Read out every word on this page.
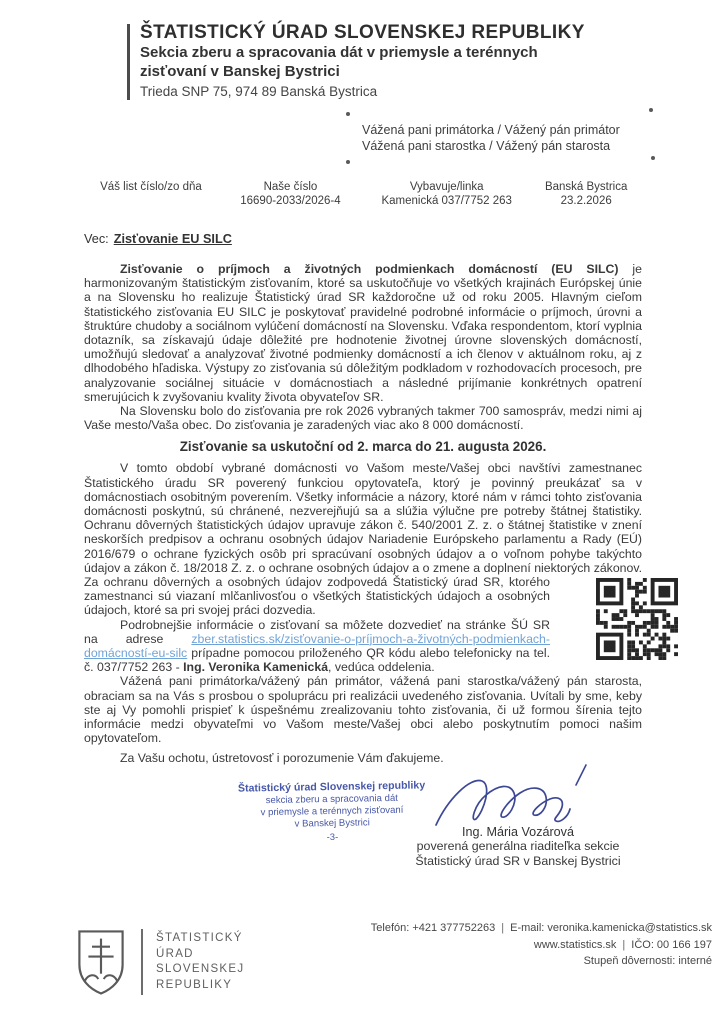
ŠTATISTICKÝ ÚRAD SLOVENSKEJ REPUBLIKY
Sekcia zberu a spracovania dát v priemysle a terénnych
zisťovaní v Banskej Bystrici
Trieda SNP 75, 974 89 Banská Bystrica
Vážená pani primátorka / Vážený pán primátor
Vážená pani starostka / Vážený pán starosta
Váš list číslo/zo dňa	Naše číslo
16690-2033/2026-4
Vybavuje/linka
Kamenická 037/7752 263
Banská Bystrica
23.2.2026
Vec: Zisťovanie EU SILC

Zisťovanie o príjmoch a životných podmienkach domácností (EU SILC) je harmonizovaným štatistickým zisťovaním, ktoré sa uskutočňuje vo všetkých krajinách Európskej únie a na Slovensku ho realizuje Štatistický úrad SR každoročne už od roku 2005. Hlavným cieľom štatistického zisťovania EU SILC je poskytovať pravidelné podrobné informácie o príjmoch, úrovni a štruktúre chudoby a sociálnom vylúčení domácností na Slovensku. Vďaka respondentom, ktorí vyplnia dotazník, sa získavajú údaje dôležité pre hodnotenie životnej úrovne slovenských domácností, umožňujú sledovať a analyzovať životné podmienky domácností a ich členov v aktuálnom roku, aj z dlhodobého hľadiska. Výstupy zo zisťovania sú dôležitým podkladom v rozhodovacích procesoch, pre analyzovanie sociálnej situácie v domácnostiach a následné prijímanie konkrétnych opatrení smerujúcich k zvyšovaniu kvality života obyvateľov SR.

Na Slovensku bolo do zisťovania pre rok 2026 vybraných takmer 700 samospráv, medzi nimi aj Vaše mesto/Vaša obec. Do zisťovania je zaradených viac ako 8 000 domácností.

Zisťovanie sa uskutoční od 2. marca do 21. augusta 2026.

V tomto období vybrané domácnosti vo Vašom meste/Vašej obci navštívi zamestnanec Štatistického úradu SR poverený funkciou opytovateľa, ktorý je povinný preukázať sa v domácnostiach osobitným poverením. Všetky informácie a názory, ktoré nám v rámci tohto zisťovania domácnosti poskytnú, sú chránené, nezverejňujú sa a slúžia výlučne pre potreby štátnej štatistiky. Ochranu dôverných štatistických údajov upravuje zákon č. 540/2001 Z. z. o štátnej štatistike v znení neskorších predpisov a ochranu osobných údajov Nariadenie Európskeho parlamentu a Rady (EÚ) 2016/679 o ochrane fyzických osôb pri spracúvaní osobných údajov a o voľnom pohybe takýchto údajov a zákon č. 18/2018 Z. z. o ochrane osobných údajov a o zmene a doplnení niektorých zákonov. Za ochranu dôverných a osobných údajov zodpovedá Štatistický úrad SR, ktorého zamestnanci sú viazaní mlčanlivosťou o všetkých štatistických údajoch a osobných údajoch, ktoré sa pri svojej práci dozvedia.

Podrobnejšie informácie o zisťovaní sa môžete dozvedieť na stránke ŠÚ SR na adrese zber.statistics.sk/zisťovanie-o-príjmoch-a-životných-podmienkach-domácností-eu-silc prípadne pomocou priloženého QR kódu alebo telefonicky na tel. č. 037/7752 263 - Ing. Veronika Kamenická, vedúca oddelenia.

Vážená pani primátorka/vážený pán primátor, vážená pani starostka/vážený pán starosta, obraciam sa na Vás s prosbou o spoluprácu pri realizácii uvedeného zisťovania. Uvítali by sme, keby ste aj Vy pomohli prispieť k úspešnému zrealizovaniu tohto zisťovania, či už formou šírenia tejto informácie medzi obyvateľmi vo Vašom meste/Vašej obci alebo poskytnutím pomoci našim opytovateľom.

Za Vašu ochotu, ústretovosť i porozumenie Vám ďakujeme.

Štatistický úrad Slovenskej republiky
sekcia zberu a spracovania dát
v priemysle a terénnych zisťovaní
v Banskej Bystrici
-3-	Ing. Mária Vozárová
poverená generálna riaditeľka sekcie
Štatistický úrad SR v Banskej Bystrici
ŠTATISTICKÝ
ÚRAD
SLOVENSKEJ
REPUBLIKY
Telefón: +421 377752263 | E-mail: veronika.kamenicka@statistics.sk
www.statistics.sk | IČO: 00 166 197
Stupeň dôvernosti: interné
